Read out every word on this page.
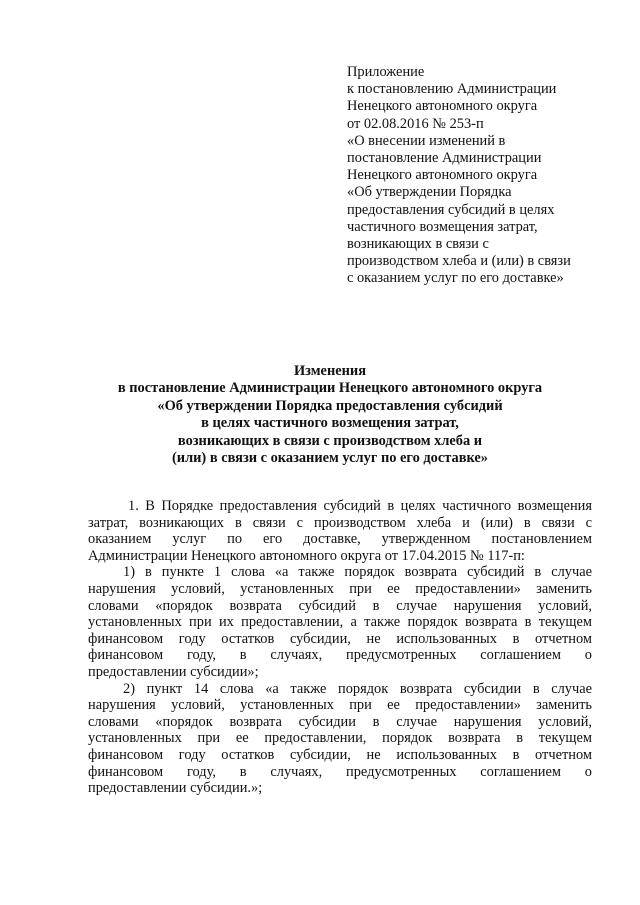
Приложение
к постановлению Администрации
Ненецкого автономного округа
от 02.08.2016 № 253-п
«О внесении изменений в
постановление Администрации
Ненецкого автономного округа
«Об утверждении Порядка
предоставления субсидий в целях
частичного возмещения затрат,
возникающих в связи с
производством хлеба и (или) в связи
с оказанием услуг по его доставке»
Изменения
в постановление Администрации Ненецкого автономного округа
«Об утверждении Порядка предоставления субсидий
в целях частичного возмещения затрат,
возникающих в связи с производством хлеба и
(или) в связи с оказанием услуг по его доставке»
1. В Порядке предоставления субсидий в целях частичного возмещения
затрат, возникающих в связи с производством хлеба и (или) в связи с
оказанием услуг по его доставке, утвержденном постановлением
Администрации Ненецкого автономного округа от 17.04.2015 № 117-п:
1) в пункте 1 слова «а также порядок возврата субсидий в случае
нарушения условий, установленных при ее предоставлении» заменить
словами «порядок возврата субсидий в случае нарушения условий,
установленных при их предоставлении, а также порядок возврата в текущем
финансовом году остатков субсидии, не использованных в отчетном
финансовом году, в случаях, предусмотренных соглашением о
предоставлении субсидии»;
2) пункт 14 слова «а также порядок возврата субсидии в случае
нарушения условий, установленных при ее предоставлении» заменить
словами «порядок возврата субсидии в случае нарушения условий,
установленных при ее предоставлении, порядок возврата в текущем
финансовом году остатков субсидии, не использованных в отчетном
финансовом году, в случаях, предусмотренных соглашением о
предоставлении субсидии.»;
